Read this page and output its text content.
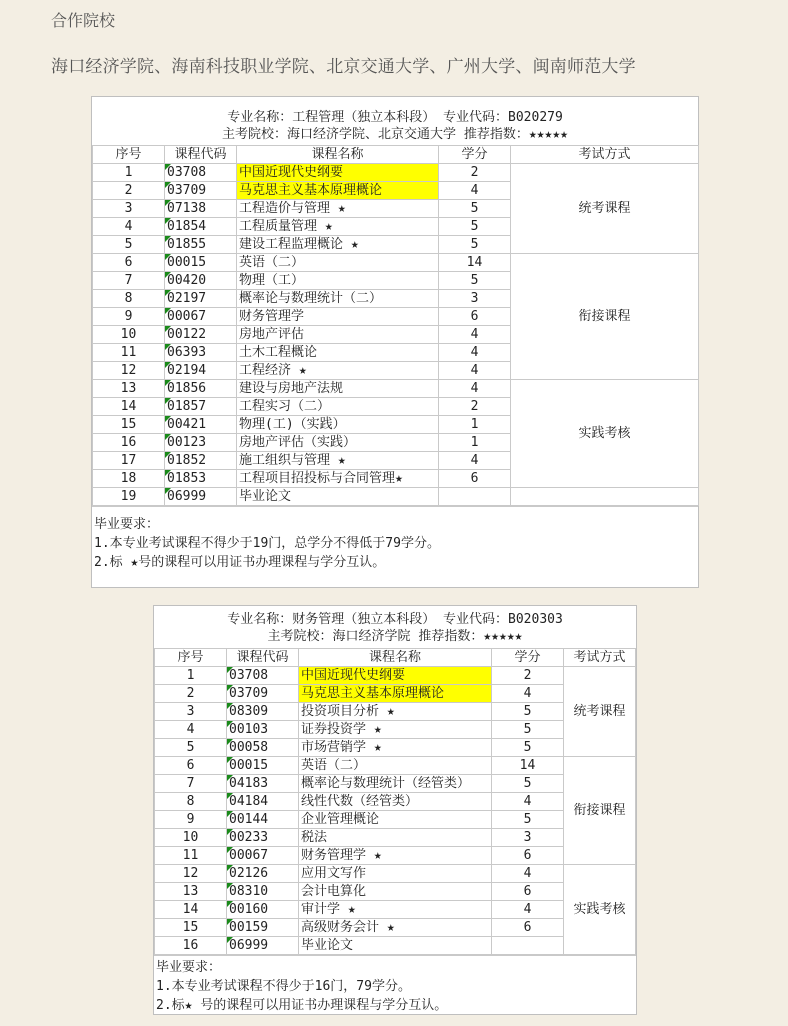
合作院校
海口经济学院、海南科技职业学院、北京交通大学、广州大学、闽南师范大学
专业名称：工程管理（独立本科段） 专业代码：B020279
主考院校：海口经济学院、北京交通大学 推荐指数：★★★★★
序号	课程代码	课程名称	学分	考试方式
1	03708	中国近现代史纲要	2	统考课程
2	03709	马克思主义基本原理概论	4	
3	07138	工程造价与管理 ★	5	
4	01854	工程质量管理 ★	5	
5	01855	建设工程监理概论 ★	5	
6	00015	英语（二）	14	衔接课程
7	00420	物理（工）	5	
8	02197	概率论与数理统计（二）	3	
9	00067	财务管理学	6	
10	00122	房地产评估	4	
11	06393	土木工程概论	4	
12	02194	工程经济 ★	4	
13	01856	建设与房地产法规	4	实践考核
14	01857	工程实习（二）	2	
15	00421	物理(工)（实践）	1	
16	00123	房地产评估（实践）	1	
17	01852	施工组织与管理 ★	4	
18	01853	工程项目招投标与合同管理★	6	
19	06999	毕业论文		
毕业要求：
1.本专业考试课程不得少于19门，总学分不得低于79学分。
2.标 ★号的课程可以用证书办理课程与学分互认。
专业名称：财务管理（独立本科段） 专业代码：B020303
主考院校：海口经济学院 推荐指数：★★★★★
序号	课程代码	课程名称	学分	考试方式
1	03708	中国近现代史纲要	2	统考课程
2	03709	马克思主义基本原理概论	4	
3	08309	投资项目分析 ★	5	
4	00103	证券投资学 ★	5	
5	00058	市场营销学 ★	5	
6	00015	英语（二）	14	衔接课程
7	04183	概率论与数理统计（经管类）	5	
8	04184	线性代数（经管类）	4	
9	00144	企业管理概论	5	
10	00233	税法	3	
11	00067	财务管理学 ★	6	
12	02126	应用文写作	4	实践考核
13	08310	会计电算化	6	
14	00160	审计学 ★	4	
15	00159	高级财务会计 ★	6	
16	06999	毕业论文		
毕业要求：
1.本专业考试课程不得少于16门，79学分。
2.标★ 号的课程可以用证书办理课程与学分互认。
